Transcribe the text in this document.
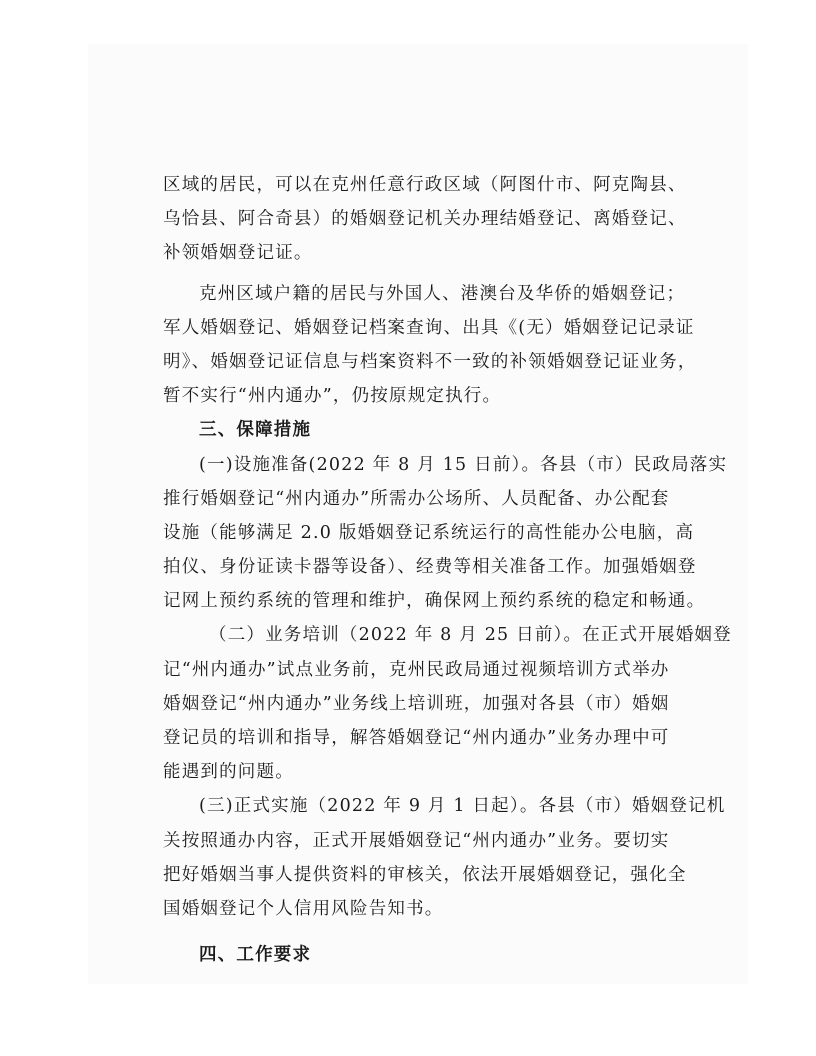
区域的居民，可以在克州任意行政区域（阿图什市、阿克陶县、
乌恰县、阿合奇县）的婚姻登记机关办理结婚登记、离婚登记、
补领婚姻登记证。
克州区域户籍的居民与外国人、港澳台及华侨的婚姻登记；
军人婚姻登记、婚姻登记档案查询、出具《(无）婚姻登记记录证
明》、婚姻登记证信息与档案资料不一致的补领婚姻登记证业务，
暂不实行“州内通办”，仍按原规定执行。
三、保障措施
(一)设施准备(2022 年 8 月 15 日前）。各县（市）民政局落实
推行婚姻登记“州内通办”所需办公场所、人员配备、办公配套
设施（能够满足 2.0 版婚姻登记系统运行的高性能办公电脑，高
拍仪、身份证读卡器等设备）、经费等相关准备工作。加强婚姻登
记网上预约系统的管理和维护，确保网上预约系统的稳定和畅通。
（二）业务培训（2022 年 8 月 25 日前）。在正式开展婚姻登
记“州内通办”试点业务前，克州民政局通过视频培训方式举办
婚姻登记“州内通办”业务线上培训班，加强对各县（市）婚姻
登记员的培训和指导，解答婚姻登记“州内通办”业务办理中可
能遇到的问题。
(三)正式实施（2022 年 9 月 1 日起）。各县（市）婚姻登记机
关按照通办内容，正式开展婚姻登记“州内通办”业务。要切实
把好婚姻当事人提供资料的审核关，依法开展婚姻登记，强化全
国婚姻登记个人信用风险告知书。
四、工作要求
